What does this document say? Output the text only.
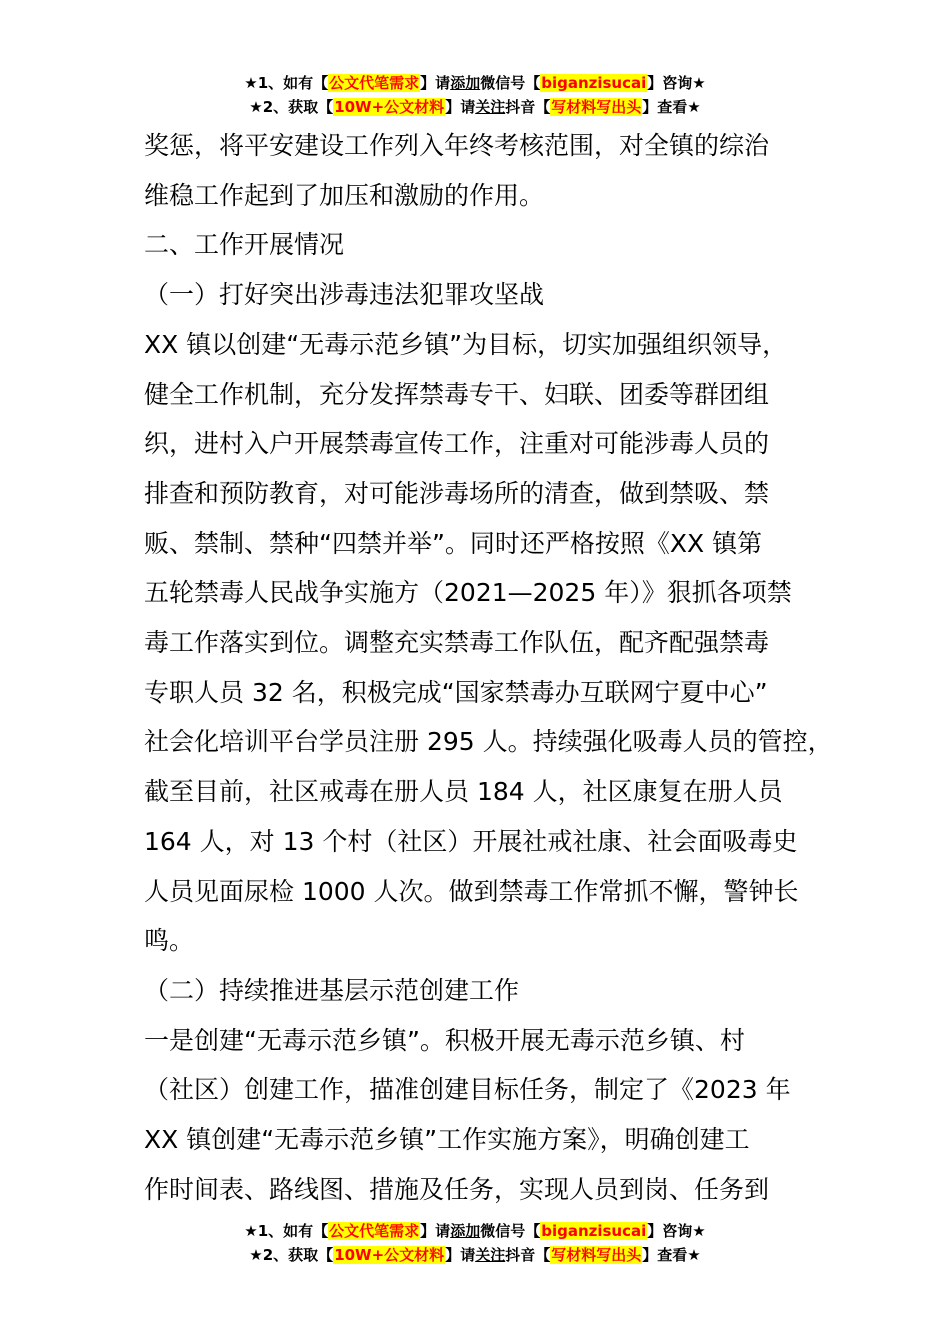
★1、如有【公文代笔需求】请添加微信号【biganzisucai】咨询★
★2、获取【10W+公文材料】请关注抖音【写材料写出头】查看★

奖惩，将平安建设工作列入年终考核范围，对全镇的综治

维稳工作起到了加压和激励的作用。

二、工作开展情况

（一）打好突出涉毒违法犯罪攻坚战

XX 镇以创建“无毒示范乡镇”为目标，切实加强组织领导，

健全工作机制，充分发挥禁毒专干、妇联、团委等群团组

织，进村入户开展禁毒宣传工作，注重对可能涉毒人员的

排查和预防教育，对可能涉毒场所的清查，做到禁吸、禁

贩、禁制、禁种“四禁并举”。同时还严格按照《XX 镇第

五轮禁毒人民战争实施方（2021—2025 年）》狠抓各项禁

毒工作落实到位。调整充实禁毒工作队伍，配齐配强禁毒

专职人员 32 名，积极完成“国家禁毒办互联网宁夏中心”

社会化培训平台学员注册 295 人。持续强化吸毒人员的管控，

截至目前，社区戒毒在册人员 184 人，社区康复在册人员

164 人，对 13 个村（社区）开展社戒社康、社会面吸毒史

人员见面尿检 1000 人次。做到禁毒工作常抓不懈，警钟长

鸣。

（二）持续推进基层示范创建工作

一是创建“无毒示范乡镇”。积极开展无毒示范乡镇、村

（社区）创建工作，描准创建目标任务，制定了《2023 年

XX 镇创建“无毒示范乡镇”工作实施方案》，明确创建工

作时间表、路线图、措施及任务，实现人员到岗、任务到

★1、如有【公文代笔需求】请添加微信号【biganzisucai】咨询★
★2、获取【10W+公文材料】请关注抖音【写材料写出头】查看★
